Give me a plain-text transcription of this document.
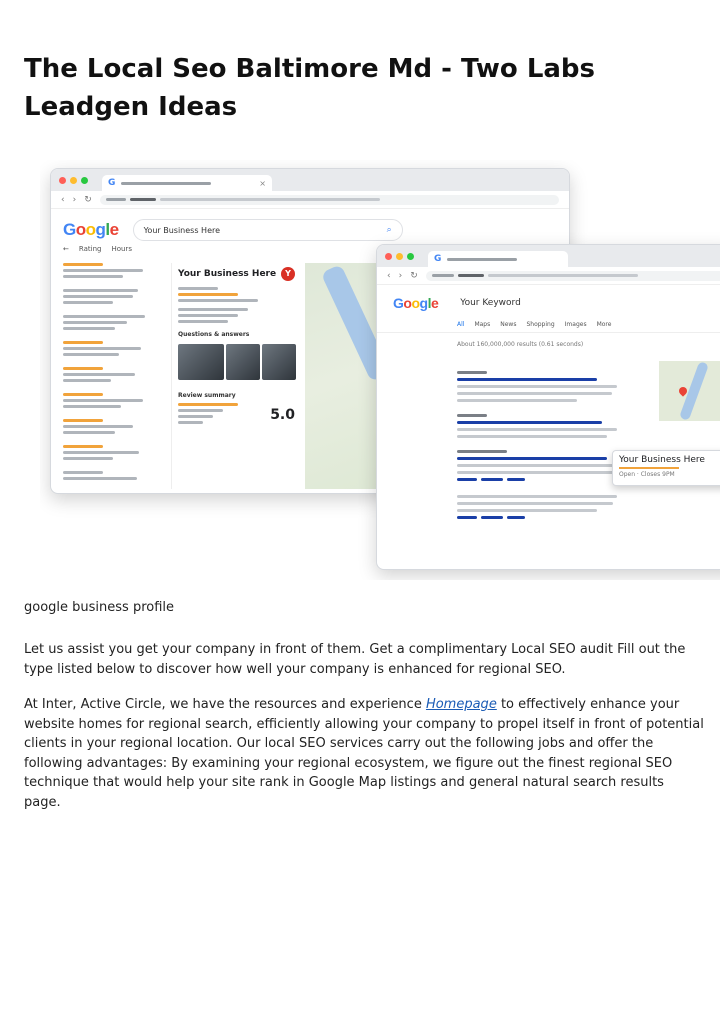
The Local Seo Baltimore Md - Two Labs Leadgen Ideas
G	×
‹ › ↻
Google	Your Business Here	⌕
← Rating Hours
Your Business Here	Y
Questions & answers
Review summary
5.0
G
‹ › ↻
Google Your Keyword
All Maps News Shopping Images More
About 160,000,000 results (0.61 seconds)
Your Business Here
Open · Closes 9PM
google business profile

Let us assist you get your company in front of them. Get a complimentary Local SEO audit Fill out the type listed below to discover how well your company is enhanced for regional SEO.

At Inter, Active Circle, we have the resources and experience Homepage to effectively enhance your website homes for regional search, efficiently allowing your company to propel itself in front of potential clients in your regional location. Our local SEO services carry out the following jobs and offer the following advantages: By examining your regional ecosystem, we figure out the finest regional SEO technique that would help your site rank in Google Map listings and general natural search results page.
